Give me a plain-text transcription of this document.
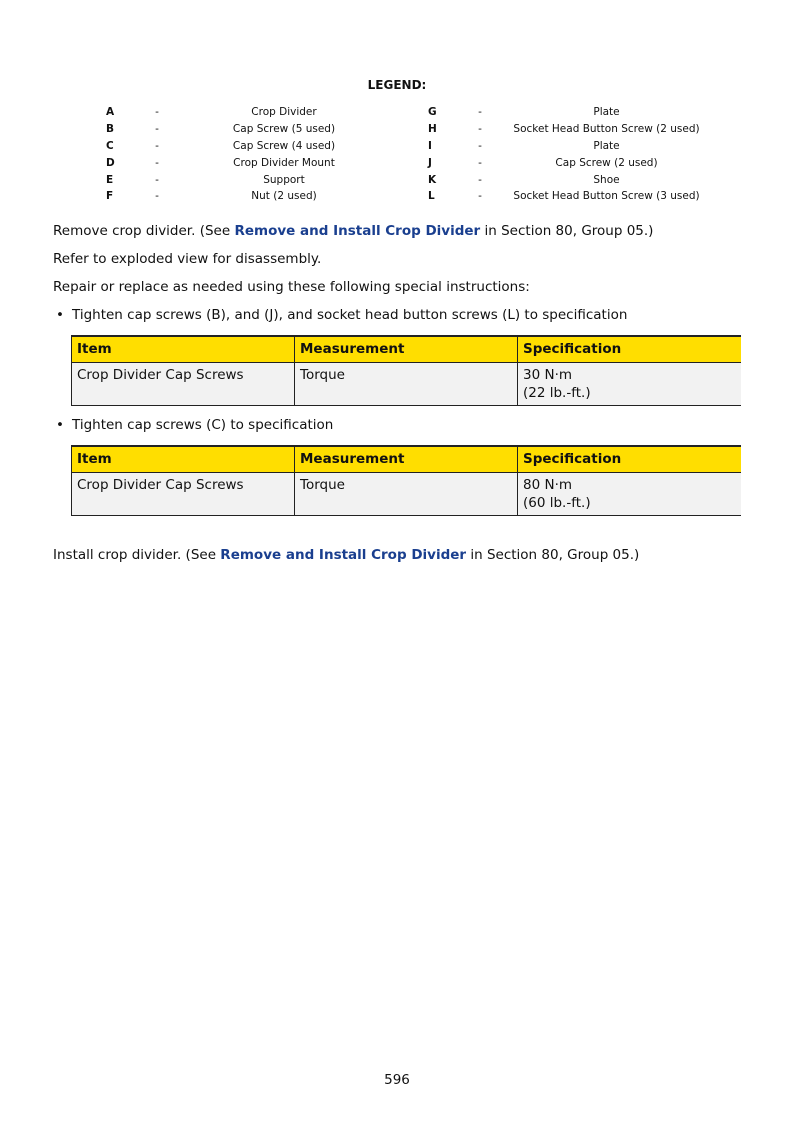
LEGEND:
A	-	Crop Divider	G	-	Plate
B	-	Cap Screw (5 used)	H	-	Socket Head Button Screw (2 used)
C	-	Cap Screw (4 used)	I	-	Plate
D	-	Crop Divider Mount	J	-	Cap Screw (2 used)
E	-	Support	K	-	Shoe
F	-	Nut (2 used)	L	-	Socket Head Button Screw (3 used)
Remove crop divider. (See Remove and Install Crop Divider in Section 80, Group 05.)
Refer to exploded view for disassembly.
Repair or replace as needed using these following special instructions:
• Tighten cap screws (B), and (J), and socket head button screws (L) to specification
Item	Measurement	Specification
Crop Divider Cap Screws	Torque	30 N·m
(22 lb.-ft.)
• Tighten cap screws (C) to specification
Item	Measurement	Specification
Crop Divider Cap Screws	Torque	80 N·m
(60 lb.-ft.)
Install crop divider. (See Remove and Install Crop Divider in Section 80, Group 05.)
596
